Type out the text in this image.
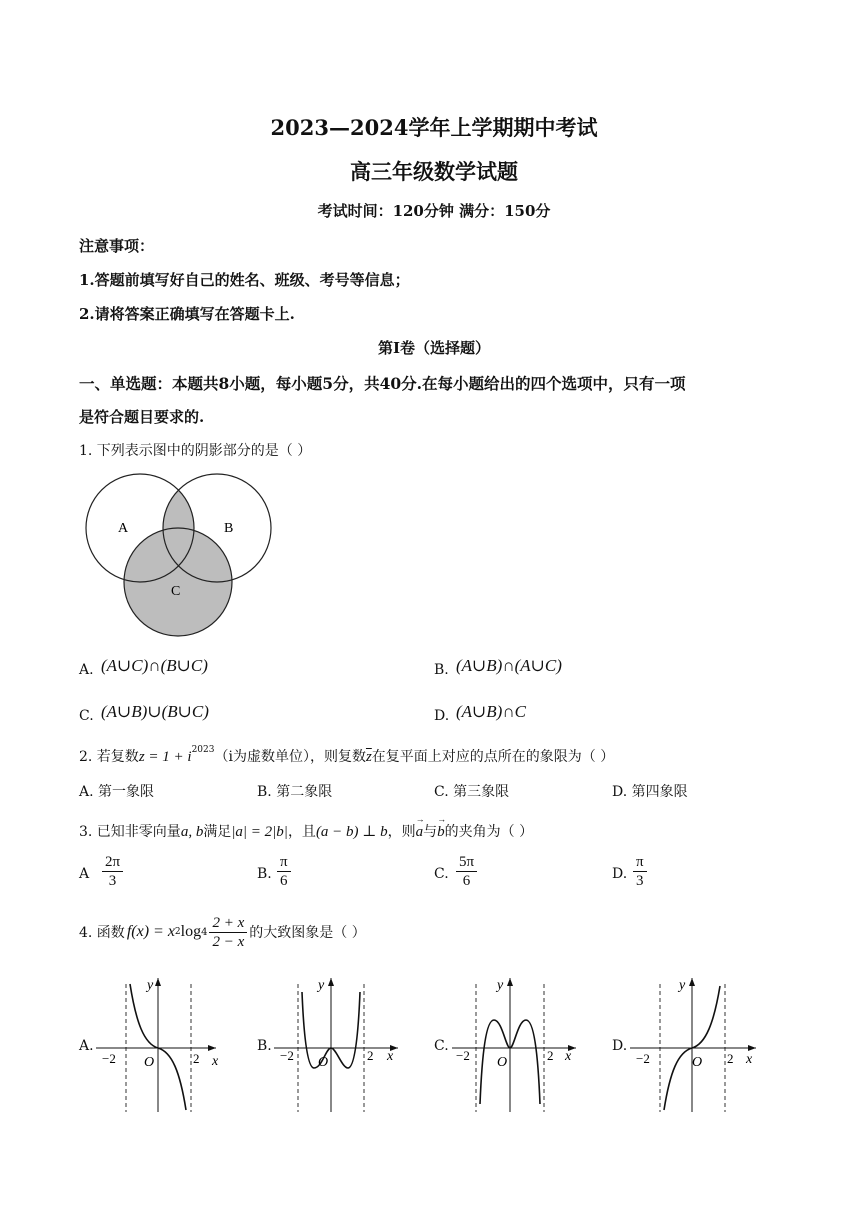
2023—2024学年上学期期中考试
高三年级数学试题
考试时间：120分钟 满分：150分
注意事项：
1.答题前填写好自己的姓名、班级、考号等信息；
2.请将答案正确填写在答题卡上.
第Ⅰ卷（选择题）
一、单选题：本题共8小题，每小题5分，共40分.在每小题给出的四个选项中，只有一项
是符合题目要求的.
1. 下列表示图中的阴影部分的是（ ）
A	B
C
A. (A∪C)∩(B∪C)	B. (A∪B)∩(A∪C)
C. (A∪B)∪(B∪C)	D. (A∪B)∩C
2. 若复数$z = 1 + i^{2023}(i$为虚数单位），则复数$\overline{z}$在复平面上对应的点所在的象限为（ ）
A. 第一象限	B. 第二象限	C. 第三象限	D. 第四象限
3. 已知非零向量a, b满足|a| = 2|b|，且(a − b) ⊥ b，则→ a与→ b的夹角为（ ）
A $\frac{2\pi}{3}$	B. $\frac{\pi}{6}$	C. $\frac{5\pi}{6}$	D. $\frac{\pi}{3}$
4. 函数 f(x) = x 2 $\log 4 \frac{2 + x}{2 - x}$ 的大致图象是（ ）
A.
y
x
O
−2	2
B.
y
x
O
−2	2
C.
y
x
O
−2	2
D.
y
x
O
−2	2
